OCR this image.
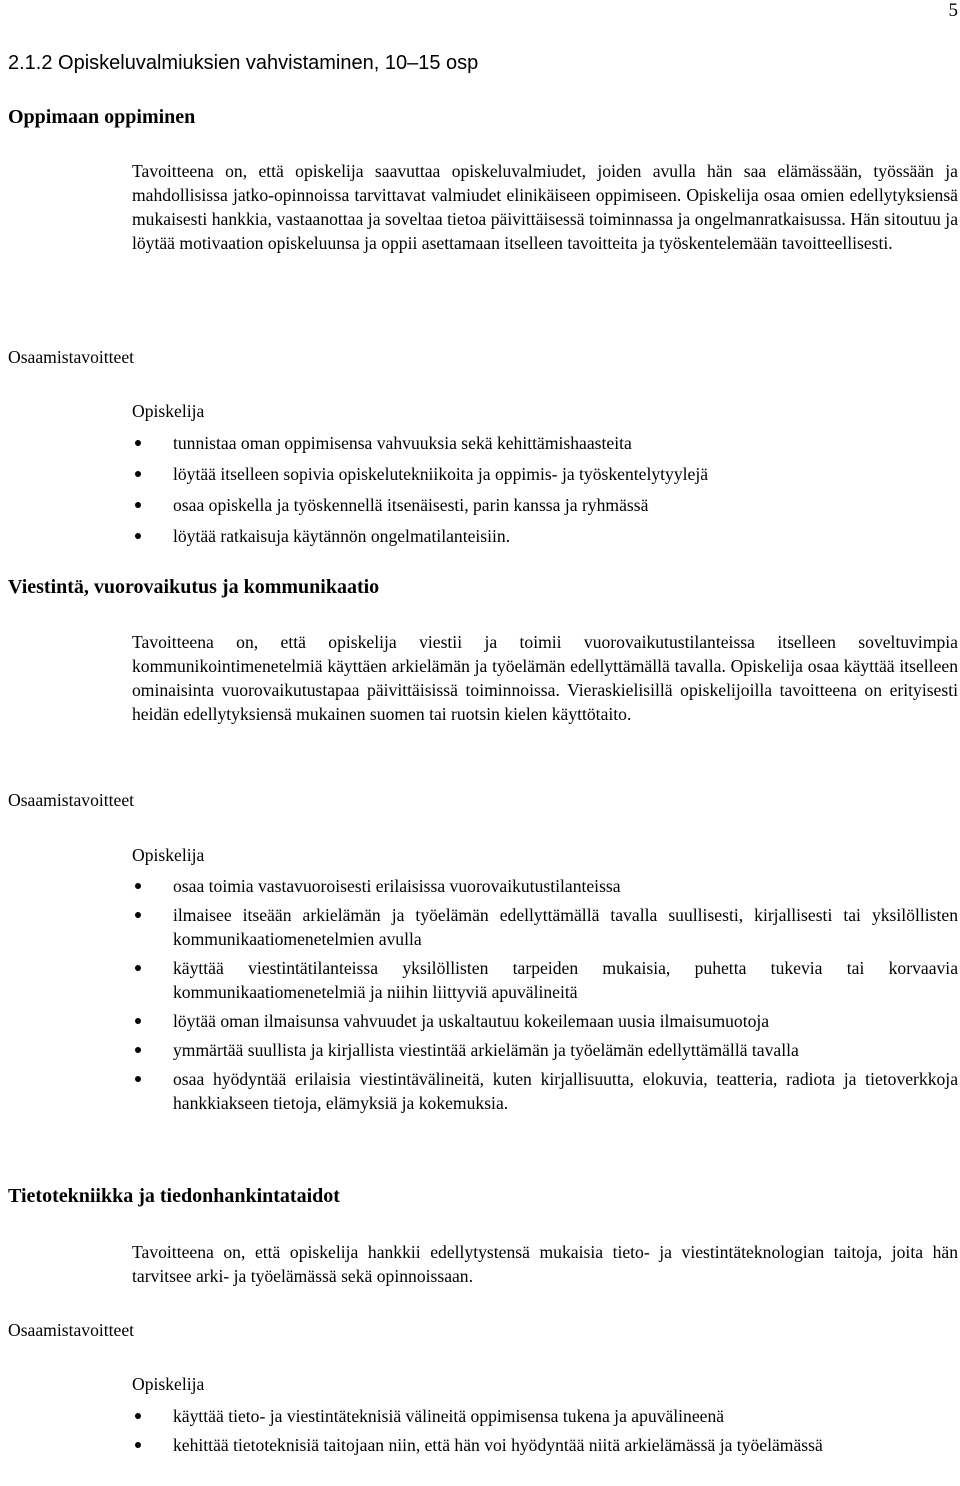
5
2.1.2 Opiskeluvalmiuksien vahvistaminen, 10–15 osp
Oppimaan oppiminen

Tavoitteena on, että opiskelija saavuttaa opiskeluvalmiudet, joiden avulla hän saa elämässään, työssään ja mahdollisissa jatko-opinnoissa tarvittavat valmiudet elinikäiseen oppimiseen. Opiskelija osaa omien edellytyksiensä mukaisesti hankkia, vastaanottaa ja soveltaa tietoa päivittäisessä toiminnassa ja ongelmanratkaisussa. Hän sitoutuu ja löytää motivaation opiskeluunsa ja oppii asettamaan itselleen tavoitteita ja työskentelemään tavoitteellisesti.

Osaamistavoitteet
Opiskelija
tunnistaa oman oppimisensa vahvuuksia sekä kehittämishaasteita
löytää itselleen sopivia opiskelutekniikoita ja oppimis- ja työskentelytyylejä
osaa opiskella ja työskennellä itsenäisesti, parin kanssa ja ryhmässä
löytää ratkaisuja käytännön ongelmatilanteisiin.
Viestintä, vuorovaikutus ja kommunikaatio

Tavoitteena on, että opiskelija viestii ja toimii vuorovaikutustilanteissa itselleen soveltuvimpia kommunikointimenetelmiä käyttäen arkielämän ja työelämän edellyttämällä tavalla. Opiskelija osaa käyttää itselleen ominaisinta vuorovaikutustapaa päivittäisissä toiminnoissa. Vieraskielisillä opiskelijoilla tavoitteena on erityisesti heidän edellytyksiensä mukainen suomen tai ruotsin kielen käyttötaito.

Osaamistavoitteet
Opiskelija
osaa toimia vastavuoroisesti erilaisissa vuorovaikutustilanteissa
ilmaisee itseään arkielämän ja työelämän edellyttämällä tavalla suullisesti, kirjallisesti tai yksilöllisten kommunikaatiomenetelmien avulla
käyttää viestintätilanteissa yksilöllisten tarpeiden mukaisia, puhetta tukevia tai korvaavia kommunikaatiomenetelmiä ja niihin liittyviä apuvälineitä
löytää oman ilmaisunsa vahvuudet ja uskaltautuu kokeilemaan uusia ilmaisumuotoja
ymmärtää suullista ja kirjallista viestintää arkielämän ja työelämän edellyttämällä tavalla
osaa hyödyntää erilaisia viestintävälineitä, kuten kirjallisuutta, elokuvia, teatteria, radiota ja tietoverkkoja hankkiakseen tietoja, elämyksiä ja kokemuksia.
Tietotekniikka ja tiedonhankintataidot

Tavoitteena on, että opiskelija hankkii edellytystensä mukaisia tieto- ja viestintäteknologian taitoja, joita hän tarvitsee arki- ja työelämässä sekä opinnoissaan.

Osaamistavoitteet
Opiskelija
käyttää tieto- ja viestintäteknisiä välineitä oppimisensa tukena ja apuvälineenä
kehittää tietoteknisiä taitojaan niin, että hän voi hyödyntää niitä arkielämässä ja työelämässä
